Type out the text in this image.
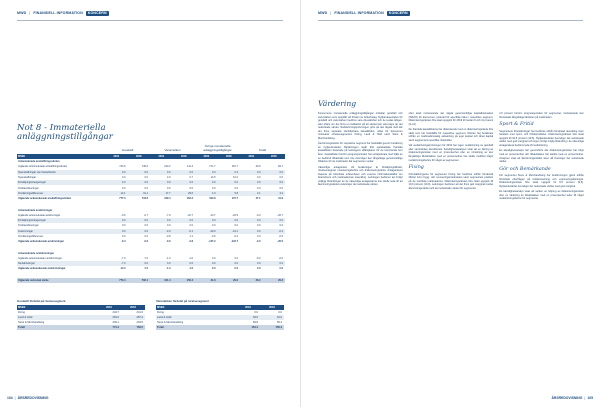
MWD | FINANSIELL INFORMATION	KONCERN
Not 8 - Immateriella anläggningstillgångar
Goodwill	Varumärken
Övriga immateriella anläggningstillgångar	Totalt
MSEK	2019	2018	2019	2018	2019	2018	2019	2018
Ackumulerade anskaffningsvärden
Ingående ackumulerade anskaffningsvärden	744.6	746.6	140.2	111.4	171.7	151.7	40.6	84.7
Nyanskaffningar via rörelseförvärv	0.0	0.0	0.0	0.0	0.3	0.3	0.0	0.0
Nyanskaffningar	0.0	0.0	4.9	0.7	14.5	16.2	0.0	0.0
Försäljning/utrangeringar	0.0	0.0	0.0	0.0	0.0	0.0	0.0	0.0
Omklassificeringar	0.0	0.0	0.0	0.0	0.0	0.0	0.0	0.0
Omräkningsdifferenser	12.1	31.1	17.7	29.6	4.3	5.8	2.1	4.2
Utgående ackumulerade anskaffningsvärden	777.3	744.6	169.4	162.2	194.8	172.7	47.1	41.9
Ackumulerade avskrivningar
Ingående ackumulerade avskrivningar	-0.6	-0.7	-7.9	-22.7	-13.7	-18.9	-0.0	-26.7
Försäljning/utrangeringar	0.0	0.0	0.0	0.0	0.0	0.0	0.0	0.0
Omklassificeringar	0.0	0.0	0.0	0.0	0.0	0.0	0.0	0.0
Avskrivningar	0.0	0.0	-4.9	-0.1	-20.6	-19.1	0.0	-0.4
Omräkningsdifferenser	0.0	0.0	-0.8	1.1	-0.5	-0.4	0.0	-0.5
Utgående ackumulerade avskrivningar	-0.4	-0.6	-0.0	-2.8	-147.2	-122.7	-0.0	-26.5
Ackumulerade nedskrivningar
Ingående ackumulerade nedskrivningar	-7.0	-7.0	-1.0	-1.0	0.0	0.0	-0.0	-0.0
Nedskrivningar	-7.0	0.0	0.0	0.0	0.0	0.0	0.0	0.0
Utgående ackumulerade nedskrivningar	-14.0	-7.0	-1.0	-1.0	0.0	0.0	0.0	0.0
Utgående redovisat värde	770.4	736.1	161.4	156.4	31.8	29.0	28.2	29.3
Goodwill fördelat på rörelsesegment
MSEK	2019	2018
Fixing	243.7	241.6
Land & Hold	281.6	287.4
Store & Merchandising	249.1	234.5
Totalt	774.4	763.5
Varumärken fördelat på rörelsesegment
MSEK	2019	2018
Fixing	0.0	0.0
Land & Hold	94.6	91.0
Store & Merchandising	69.8	65.4
Totalt	164.4	156.4
104 | ÅRSREDOVISNING
MWD | FINANSIELL INFORMATION	KONCERN
Värdering

Koncernens immateriella anläggningstillgångar omfattar goodwill och varumärken som uppstått vid förvärv av dotterbolag. Nyttjandeperioden för goodwill och varumärken bedöms vara obestämbar och de testas årligen, eller oftare om det finns en indikation på att värdet kan vara lägre än det redovisade värdet. Nedskrivningsprövningen görs på den lägsta nivå där det finns separata identifierbara kassaflöden, vilket för koncernen motsvarar rörelsesegmenten Fixing, Land & Hold samt Store & Merchandising.

Återvinningsvärdet för respektive segment har fastställts genom beräkning av nyttjandevärdet. Beräkningen utgår från uppskattade framtida kassaflöden baserade på ledningens affärsplaner för de kommande fem åren. Kassaflöden bortom prognosperioden har extrapolerats med hjälp av en bedömd tillväxttakt som inte överstiger den långsiktiga genomsnittliga tillväxten för de marknader där segmenten verkar.

Väsentliga antaganden vid beräkningen är försäljningstillväxt, rörelsemarginal, investeringsbehov och diskonteringsränta. Antagandena baseras på historiska erfarenheter och externa informationskällor om branschens och marknadernas utveckling. Ledningen bedömer att rimligt möjliga förändringar av de väsentliga antagandena inte skulle leda till att återvinningsvärdet understiger det redovisade värdet.

efter skatt motsvarande det vägda genomsnittliga kapitalkostnaden (WACC) för koncernen, justerad för specifika risker i respektive segment. Diskonteringsräntan före skatt uppgick för 2019 till mellan 9 och 11 procent (9–11).

De framtida kassaflödena har diskonterats med en diskonteringsränta före skatt som har fastställts för respektive segment. Räntan har beräknats utifrån en marknadsmässig avkastning på eget kapital och lånat kapital samt segmentens specifika riskprofiler.

Vid nedskrivningsprövningen för 2019 har ingen nedskrivning av goodwill eller varumärken identifierats. Känslighetsanalyser visar att en ökning av diskonteringsräntan med en procentenhet eller en minskning av den långsiktiga tillväxttakten med en procentenhet inte skulle medföra något nedskrivningsbehov för något av segmenten.

Fixing

Förutsättningarna för segmentet Fixing har bedömts utifrån förväntad tillväxt inom bygg- och renoveringsmarknaden samt segmentets position på de nordiska marknaderna. Diskonteringsräntan före skatt uppgick till 10,0 procent (10,0). Ledningen bedömer att det finns god marginal mellan återvinningsvärdet och det redovisade värdet för segmentet.

2,0 procent bortom prognosperioden för segmentet, motsvarande den förväntade långsiktiga tillväxten på marknaden.

Sport & Fritid

Segmentets förutsättningar har bedömts utifrån förväntad utveckling inom handeln med sport- och fritidsprodukter. Diskonteringsräntan före skatt uppgick till 10,5 procent (10,5). Nyttjandevärdet överstiger det redovisade värdet med god marginal och ingen rimligt möjlig förändring i de väsentliga antagandena bedöms leda till nedskrivning.

En känslighetsanalys har genomförts där diskonteringsräntan har höjts med en procentenhet och tillväxttakten har sänkts med en procentenhet. Analysen visar att återvinningsvärdet även då överstiger det redovisade värdet.

Gör och Bemärkande

För segmentet Store & Merchandising har bedömningen gjorts utifrån förväntad efterfrågan på butiksinredning och exponeringslösningar. Diskonteringsräntan före skatt uppgick till 9,5 procent (9,5). Nyttjandevärdet överstiger det redovisade värdet med god marginal.

En känslighetsanalys visar att varken en höjning av diskonteringsräntan eller en sänkning av tillväxttakten med en procentenhet leder till något nedskrivningsbehov för segmentet.

ÅRSREDOVISNING | 105
